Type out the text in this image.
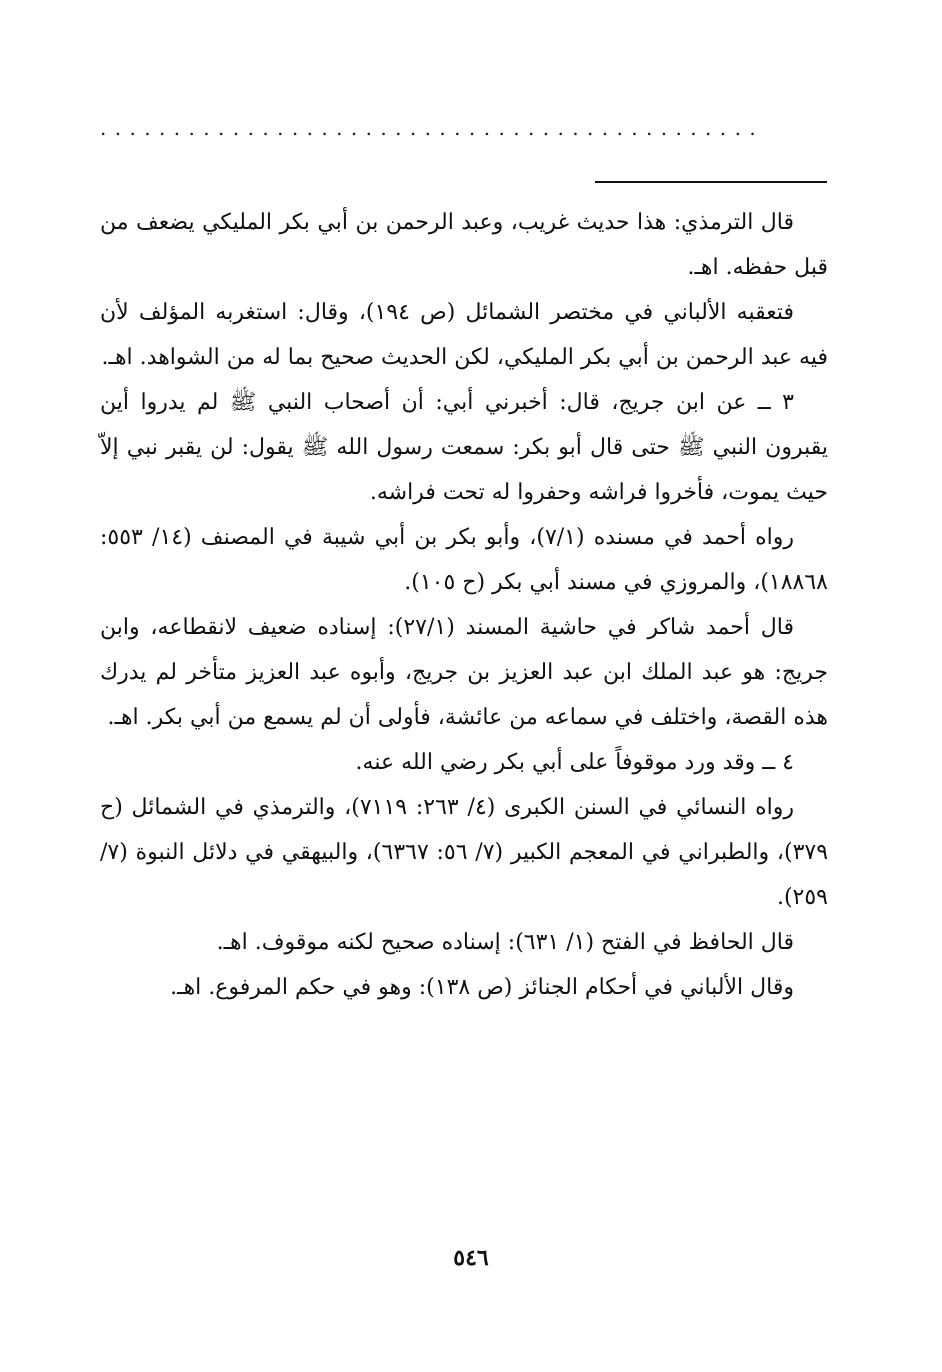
.............................................

قال الترمذي: هذا حديث غريب، وعبد الرحمن بن أبي بكر المليكي يضعف من قبل حفظه. اهـ.

فتعقبه الألباني في مختصر الشمائل (ص ١٩٤)، وقال: استغربه المؤلف لأن فيه عبد الرحمن بن أبي بكر المليكي، لكن الحديث صحيح بما له من الشواهد. اهـ.

٣ ــ عن ابن جريج، قال: أخبرني أبي: أن أصحاب النبي ﷺ لم يدروا أين يقبرون النبي ﷺ حتى قال أبو بكر: سمعت رسول الله ﷺ يقول: لن يقبر نبي إلاّ حيث يموت، فأخروا فراشه وحفروا له تحت فراشه.

رواه أحمد في مسنده (٧/١)، وأبو بكر بن أبي شيبة في المصنف (١٤/ ٥٥٣: ١٨٨٦٨)، والمروزي في مسند أبي بكر (ح ١٠٥).

قال أحمد شاكر في حاشية المسند (٢٧/١): إسناده ضعيف لانقطاعه، وابن جريج: هو عبد الملك ابن عبد العزيز بن جريج، وأبوه عبد العزيز متأخر لم يدرك هذه القصة، واختلف في سماعه من عائشة، فأولى أن لم يسمع من أبي بكر. اهـ.

٤ ــ وقد ورد موقوفاً على أبي بكر رضي الله عنه.

رواه النسائي في السنن الكبرى (٤/ ٢٦٣: ٧١١٩)، والترمذي في الشمائل (ح ٣٧٩)، والطبراني في المعجم الكبير (٧/ ٥٦: ٦٣٦٧)، والبيهقي في دلائل النبوة (٧/ ٢٥٩).

قال الحافظ في الفتح (١/ ٦٣١): إسناده صحيح لكنه موقوف. اهـ.

وقال الألباني في أحكام الجنائز (ص ١٣٨): وهو في حكم المرفوع. اهـ.

٥٤٦
